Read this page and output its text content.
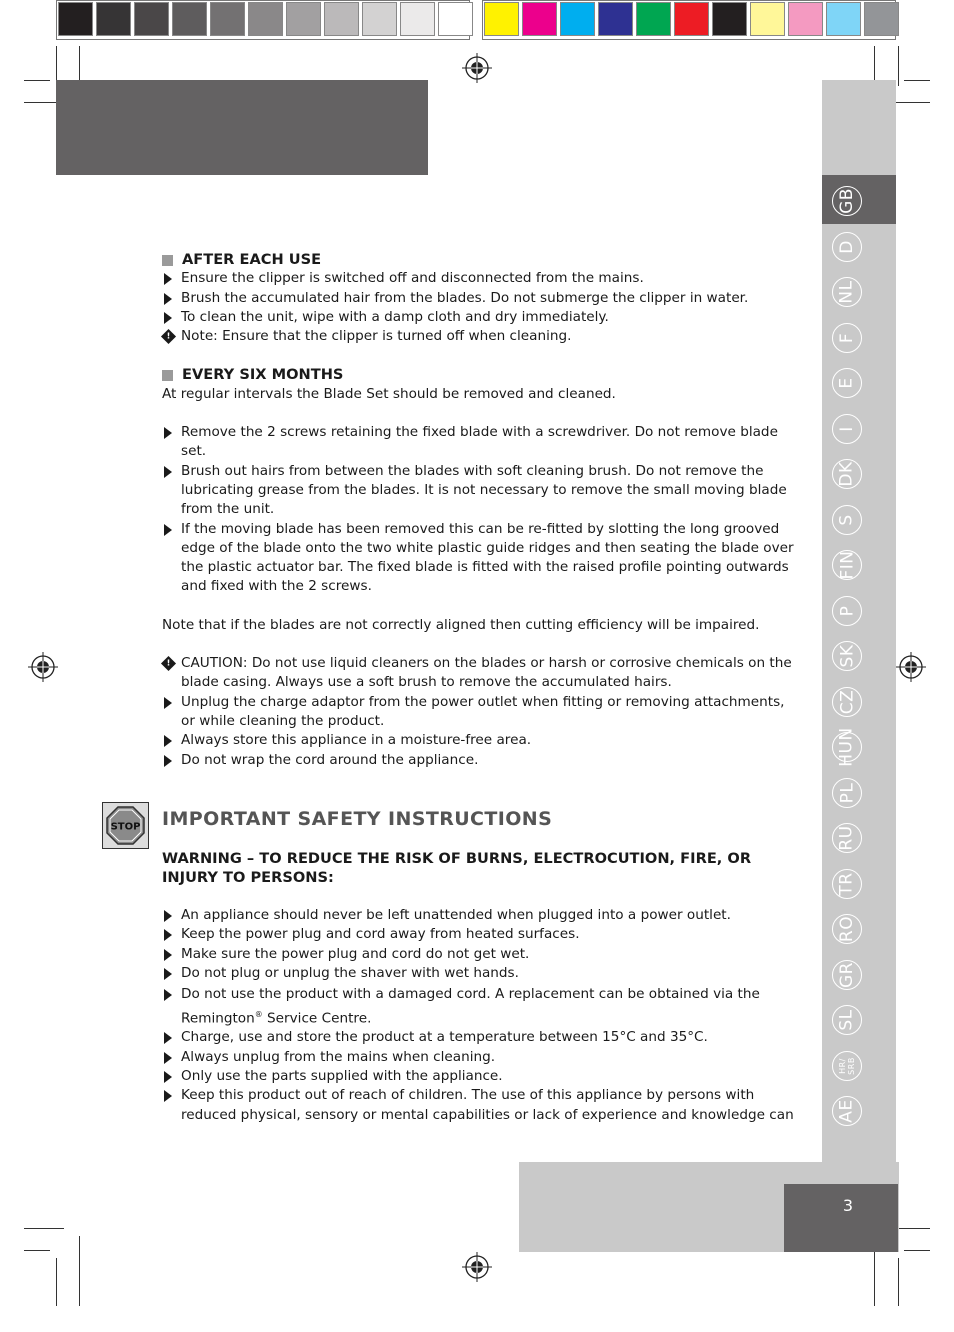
GB
D
NL
F
E
I
DK
S
FIN
P
SK
CZ
HUN
PL
RU
TR
RO
GR
SL
HR/
SRB
AE
3
AFTER EACH USE
Ensure the clipper is switched off and disconnected from the mains.
Brush the accumulated hair from the blades. Do not submerge the clipper in water.
To clean the unit, wipe with a damp cloth and dry immediately.
! Note: Ensure that the clipper is turned off when cleaning.
EVERY SIX MONTHS
At regular intervals the Blade Set should be removed and cleaned.
Remove the 2 screws retaining the fixed blade with a screwdriver. Do not remove blade set.
Brush out hairs from between the blades with soft cleaning brush. Do not remove the lubricating grease from the blades. It is not necessary to remove the small moving blade from the unit.
If the moving blade has been removed this can be re-fitted by slotting the long grooved edge of the blade onto the two white plastic guide ridges and then seating the blade over the plastic actuator bar. The fixed blade is fitted with the raised profile pointing outwards and fixed with the 2 screws.
Note that if the blades are not correctly aligned then cutting efficiency will be impaired.
! CAUTION: Do not use liquid cleaners on the blades or harsh or corrosive chemicals on the blade casing. Always use a soft brush to remove the accumulated hairs.
Unplug the charge adaptor from the power outlet when fitting or removing attachments, or while cleaning the product.
Always store this appliance in a moisture-free area.
Do not wrap the cord around the appliance.
IMPORTANT SAFETY INSTRUCTIONS
WARNING – TO REDUCE THE RISK OF BURNS, ELECTROCUTION, FIRE, OR INJURY TO PERSONS:
An appliance should never be left unattended when plugged into a power outlet.
Keep the power plug and cord away from heated surfaces.
Make sure the power plug and cord do not get wet.
Do not plug or unplug the shaver with wet hands.
Do not use the product with a damaged cord. A replacement can be obtained via the Remington® Service Centre.
Charge, use and store the product at a temperature between 15°C and 35°C.
Always unplug from the mains when cleaning.
Only use the parts supplied with the appliance.
Keep this product out of reach of children. The use of this appliance by persons with reduced physical, sensory or mental capabilities or lack of experience and knowledge can
STOP
